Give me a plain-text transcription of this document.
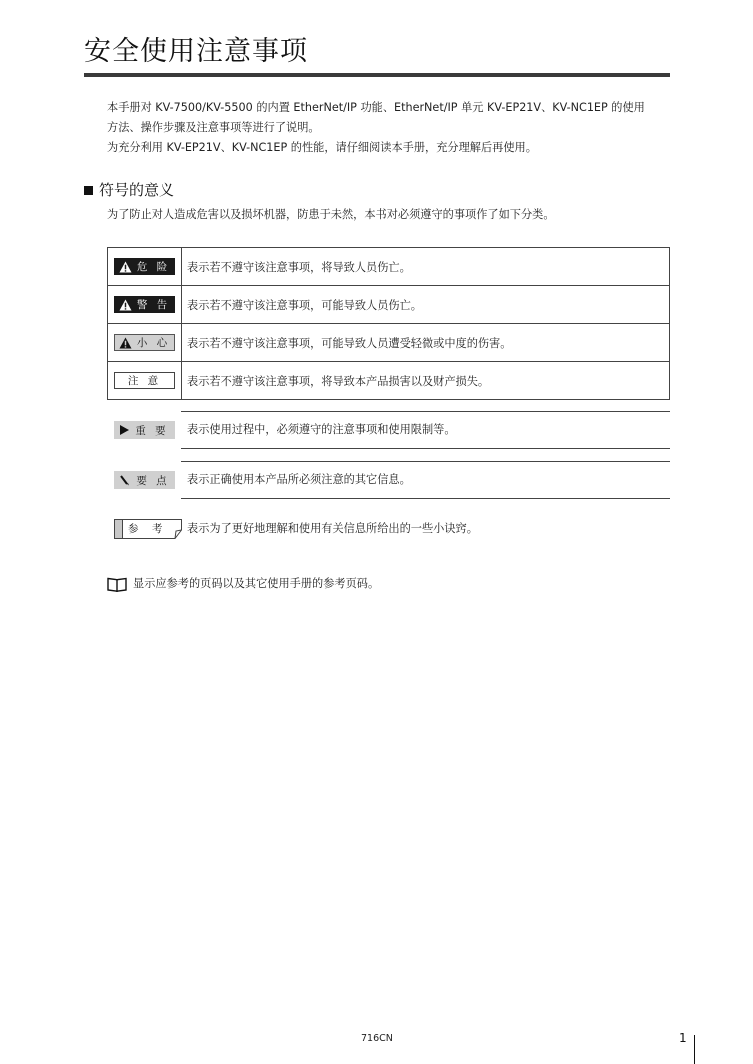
安全使用注意事项

本手册对 KV-7500/KV-5500 的内置 EtherNet/IP 功能、EtherNet/IP 单元 KV-EP21V、KV-NC1EP 的使用

方法、操作步骤及注意事项等进行了说明。

为充分利用 KV-EP21V、KV-NC1EP 的性能，请仔细阅读本手册，充分理解后再使用。

符号的意义
为了防止对人造成危害以及损坏机器，防患于未然，本书对必须遵守的事项作了如下分类。
危 险	表示若不遵守该注意事项，将导致人员伤亡。

警 告	表示若不遵守该注意事项，可能导致人员伤亡。

小 心	表示若不遵守该注意事项，可能导致人员遭受轻微或中度的伤害。

注 意	表示若不遵守该注意事项，将导致本产品损害以及财产损失。
重 要 表示使用过程中，必须遵守的注意事项和使用限制等。
要 点 表示正确使用本产品所必须注意的其它信息。
参 考 表示为了更好地理解和使用有关信息所给出的一些小诀窍。
显示应参考的页码以及其它使用手册的参考页码。
716CN	1
